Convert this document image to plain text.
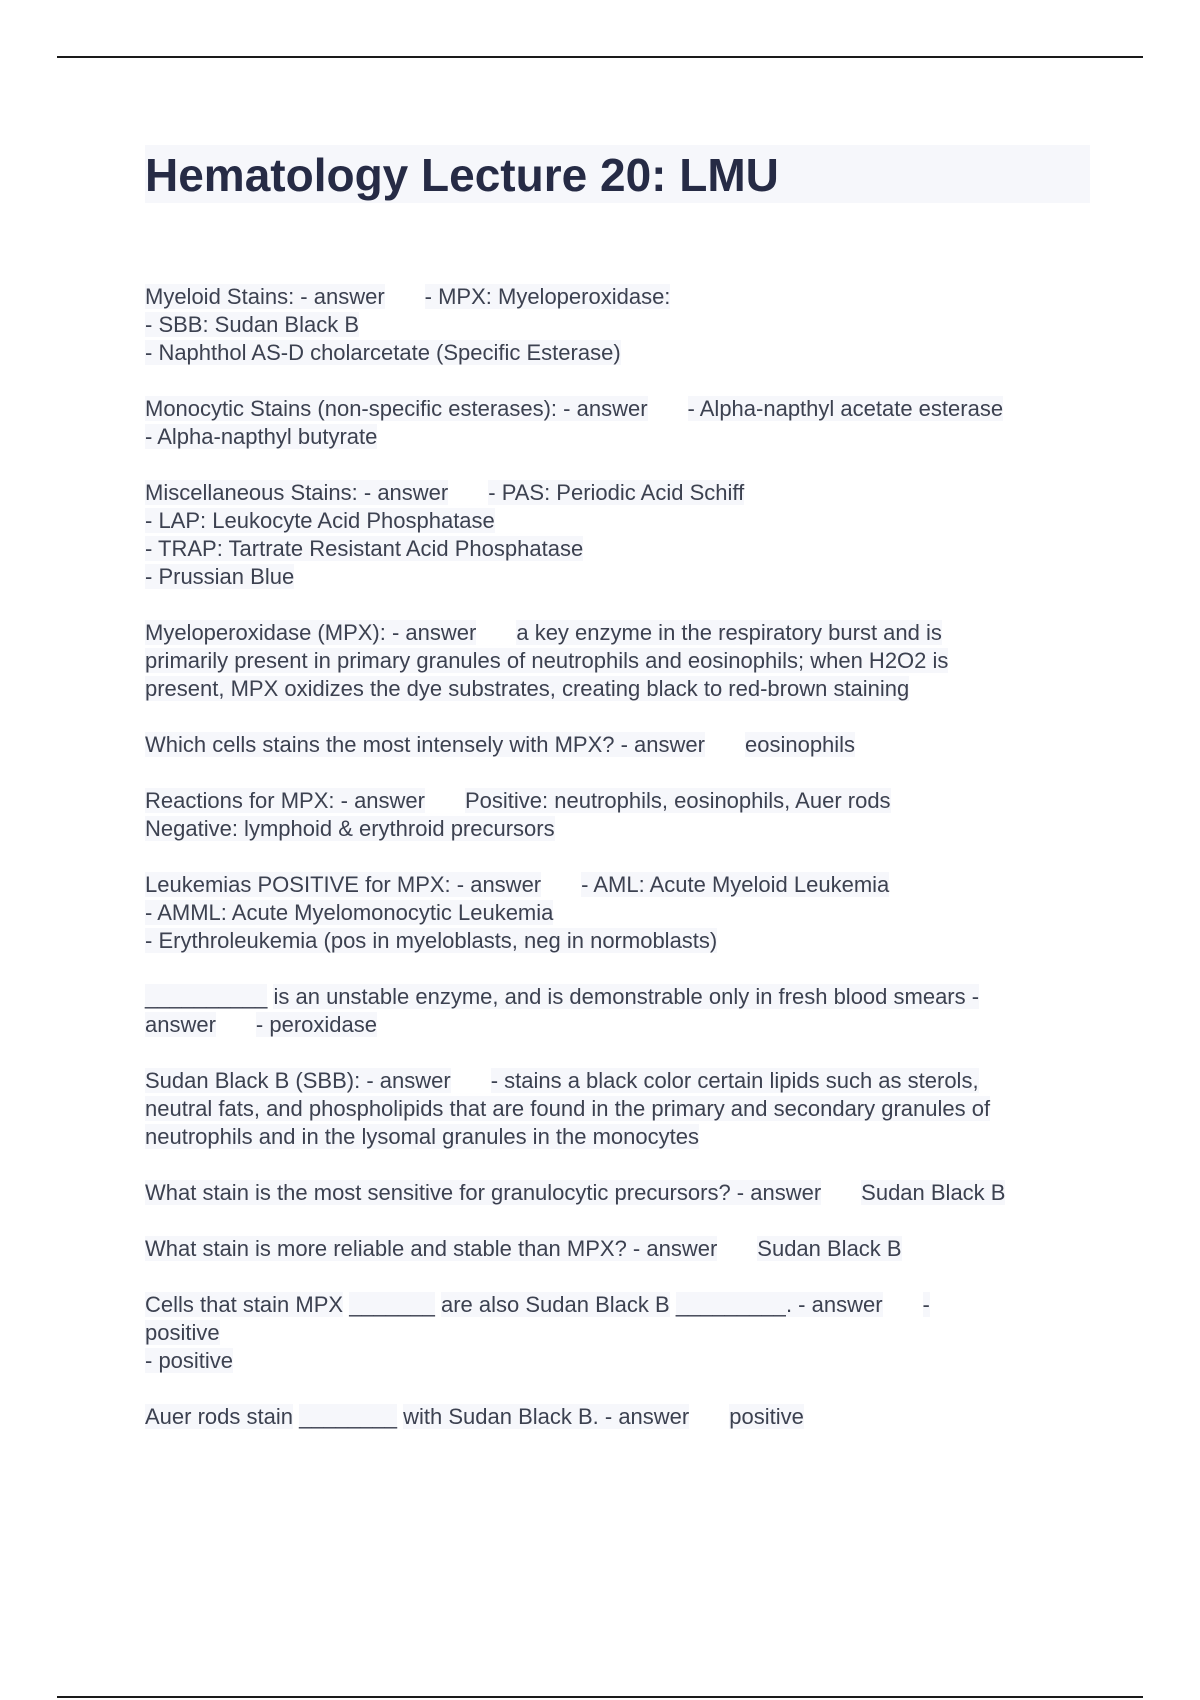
Hematology Lecture 20: LMU

Myeloid Stains: - answer - MPX: Myeloperoxidase:

- SBB: Sudan Black B

- Naphthol AS-D cholarcetate (Specific Esterase)

Monocytic Stains (non-specific esterases): - answer - Alpha-napthyl acetate esterase

- Alpha-napthyl butyrate

Miscellaneous Stains: - answer - PAS: Periodic Acid Schiff

- LAP: Leukocyte Acid Phosphatase

- TRAP: Tartrate Resistant Acid Phosphatase

- Prussian Blue

Myeloperoxidase (MPX): - answer a key enzyme in the respiratory burst and is

primarily present in primary granules of neutrophils and eosinophils; when H2O2 is

present, MPX oxidizes the dye substrates, creating black to red-brown staining

Which cells stains the most intensely with MPX? - answer eosinophils

Reactions for MPX: - answer Positive: neutrophils, eosinophils, Auer rods

Negative: lymphoid & erythroid precursors

Leukemias POSITIVE for MPX: - answer - AML: Acute Myeloid Leukemia

- AMML: Acute Myelomonocytic Leukemia

- Erythroleukemia (pos in myeloblasts, neg in normoblasts)

__________ is an unstable enzyme, and is demonstrable only in fresh blood smears -

answer - peroxidase

Sudan Black B (SBB): - answer - stains a black color certain lipids such as sterols,

neutral fats, and phospholipids that are found in the primary and secondary granules of

neutrophils and in the lysomal granules in the monocytes

What stain is the most sensitive for granulocytic precursors? - answer Sudan Black B

What stain is more reliable and stable than MPX? - answer Sudan Black B

Cells that stain MPX _______ are also Sudan Black B _________. - answer -

positive

- positive

Auer rods stain ________ with Sudan Black B. - answer positive
